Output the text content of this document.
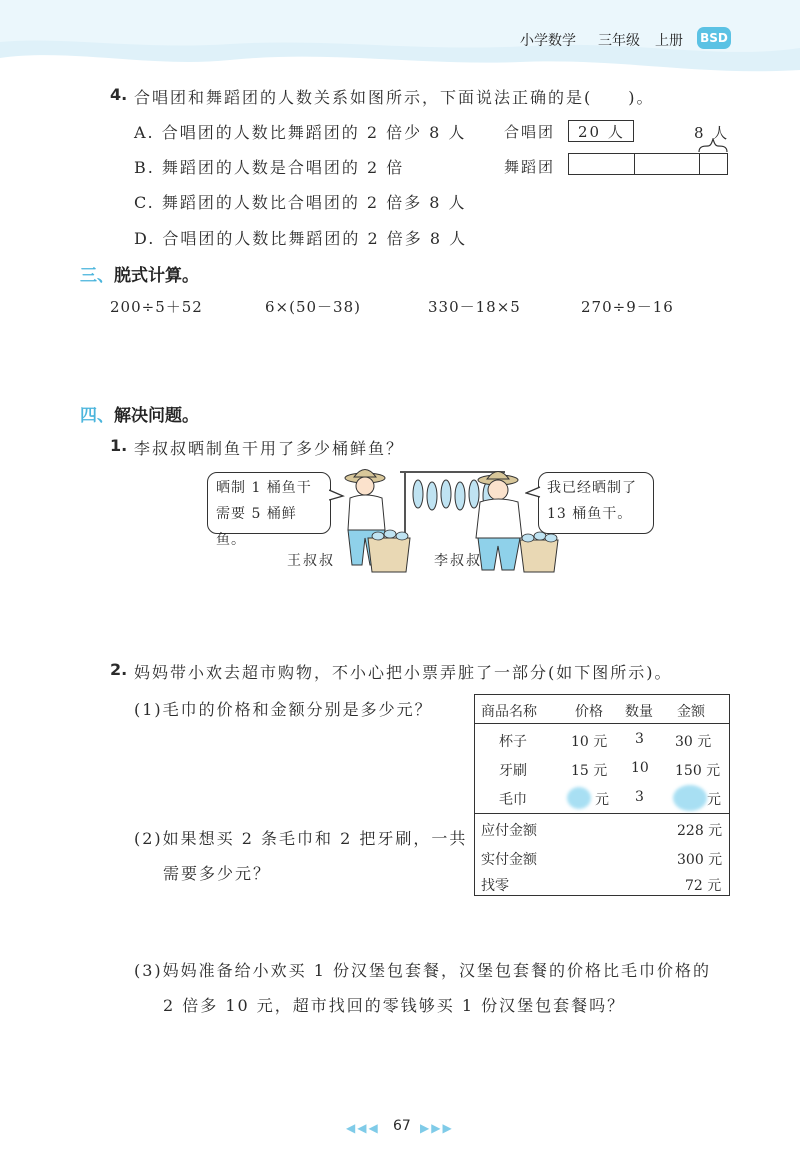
小学数学 三年级 上册 BSD
4. 合唱团和舞蹈团的人数关系如图所示，下面说法正确的是(　　)。
A. 合唱团的人数比舞蹈团的 2 倍少 8 人
B. 舞蹈团的人数是合唱团的 2 倍
C. 舞蹈团的人数比合唱团的 2 倍多 8 人
D. 合唱团的人数比舞蹈团的 2 倍多 8 人
合唱团 20 人	8 人
舞蹈团
三、脱式计算。
200÷5＋52	6×(50－38)	330－18×5	270÷9－16
四、解决问题。
1. 李叔叔晒制鱼干用了多少桶鲜鱼？
晒制 1 桶鱼干
需要 5 桶鲜鱼。
我已经晒制了
13 桶鱼干。
王叔叔	李叔叔
2. 妈妈带小欢去超市购物，不小心把小票弄脏了一部分(如下图所示)。
(1)毛巾的价格和金额分别是多少元？
(2)如果想买 2 条毛巾和 2 把牙刷，一共
需要多少元？
商品名称	价格 数量 金额
杯子	10 元 3 30 元
牙刷	15 元 10 150 元
毛巾	元 3	元
应付金额	228 元
实付金额	300 元
找零	72 元
(3)妈妈准备给小欢买 1 份汉堡包套餐，汉堡包套餐的价格比毛巾价格的
2 倍多 10 元，超市找回的零钱够买 1 份汉堡包套餐吗？
◀◀◀ 67 ▶▶▶
